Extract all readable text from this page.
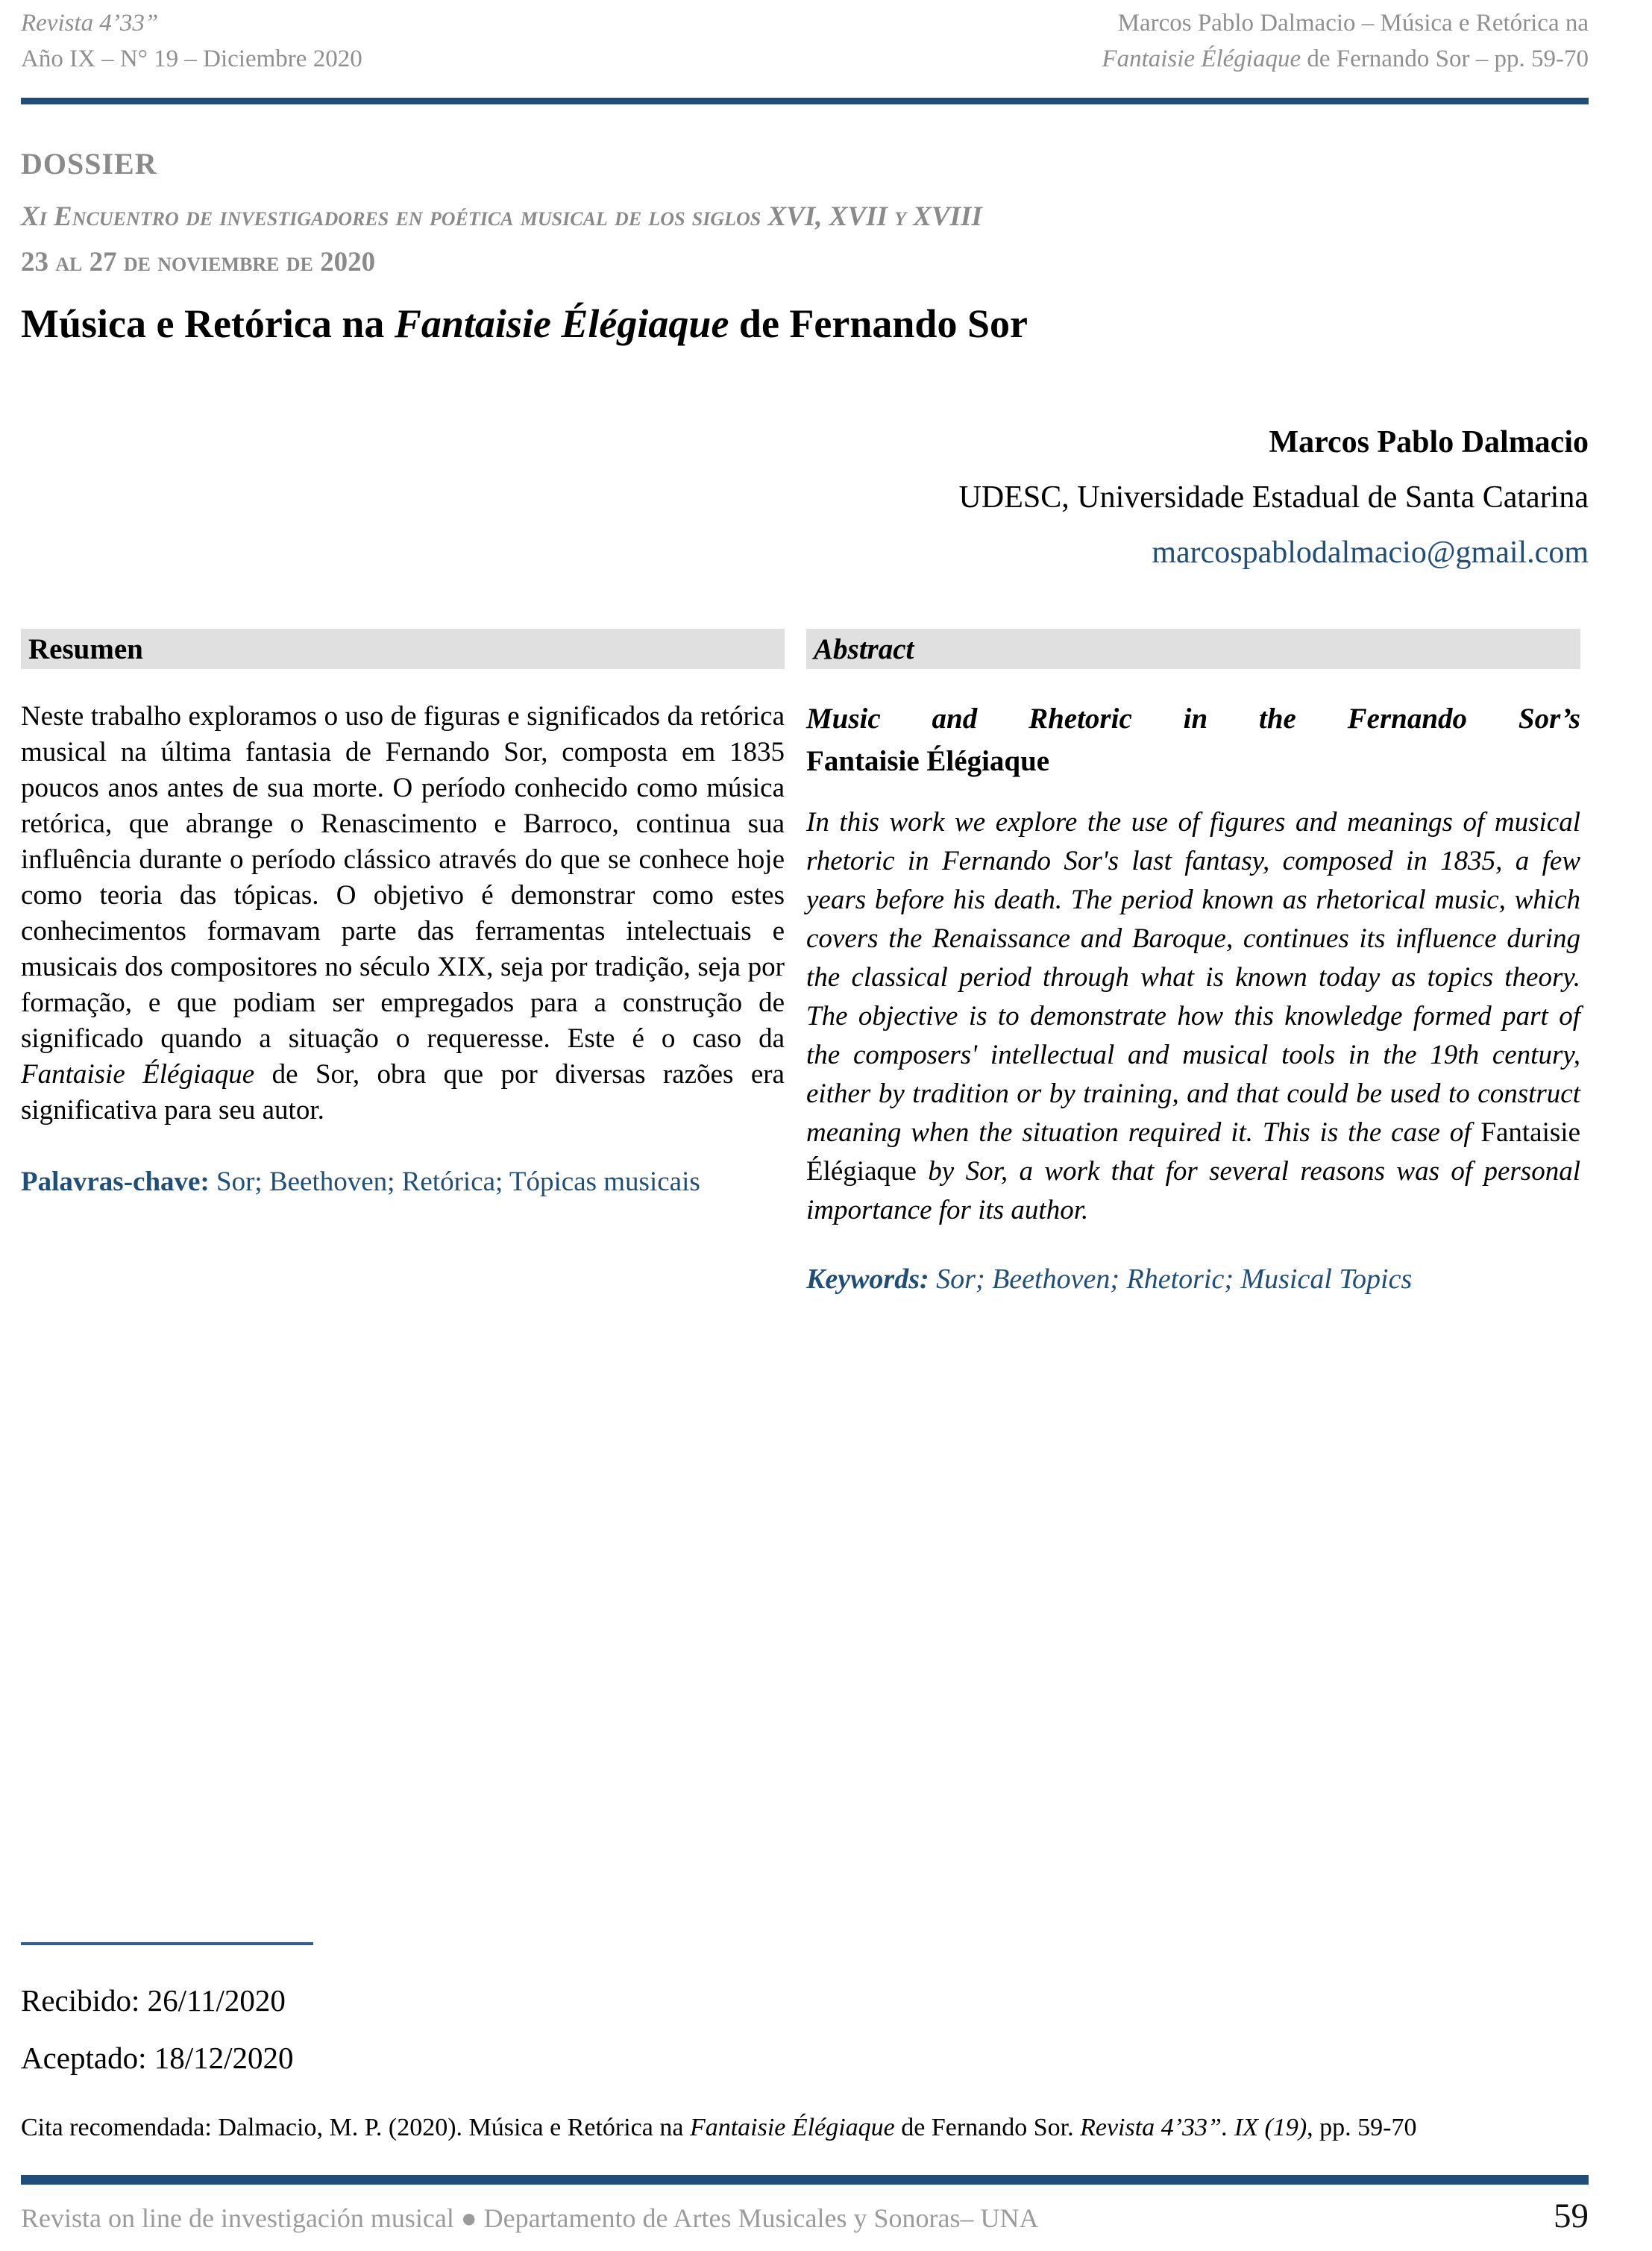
Revista 4’33”
Año IX – N° 19 – Diciembre 2020
Marcos Pablo Dalmacio – Música e Retórica na
Fantaisie Élégiaque de Fernando Sor – pp. 59-70
DOSSIER
Xi Encuentro de investigadores en poética musical de los siglos XVI, XVII y XVIII
23 al 27 de noviembre de 2020
Música e Retórica na Fantaisie Élégiaque de Fernando Sor
Marcos Pablo Dalmacio
UDESC, Universidade Estadual de Santa Catarina
marcospablodalmacio@gmail.com
Resumen

Neste trabalho exploramos o uso de figuras e significados da retórica musical na última fantasia de Fernando Sor, composta em 1835 poucos anos antes de sua morte. O período conhecido como música retórica, que abrange o Renascimento e Barroco, continua sua influência durante o período clássico através do que se conhece hoje como teoria das tópicas. O objetivo é demonstrar como estes conhecimentos formavam parte das ferramentas intelectuais e musicais dos compositores no século XIX, seja por tradição, seja por formação, e que podiam ser empregados para a construção de significado quando a situação o requeresse. Este é o caso da Fantaisie Élégiaque de Sor, obra que por diversas razões era significativa para seu autor.

Palavras-chave: Sor; Beethoven; Retórica; Tópicas musicais

Abstract
Music and Rhetoric in the Fernando Sor’s
Fantaisie Élégiaque

In this work we explore the use of figures and meanings of musical rhetoric in Fernando Sor's last fantasy, composed in 1835, a few years before his death. The period known as rhetorical music, which covers the Renaissance and Baroque, continues its influence during the classical period through what is known today as topics theory. The objective is to demonstrate how this knowledge formed part of the composers' intellectual and musical tools in the 19th century, either by tradition or by training, and that could be used to construct meaning when the situation required it. This is the case of Fantaisie Élégiaque by Sor, a work that for several reasons was of personal importance for its author.

Keywords: Sor; Beethoven; Rhetoric; Musical Topics

Recibido: 26/11/2020
Aceptado: 18/12/2020
Cita recomendada: Dalmacio, M. P. (2020). Música e Retórica na Fantaisie Élégiaque de Fernando Sor. Revista 4’33”. IX (19), pp. 59-70
Revista on line de investigación musical ● Departamento de Artes Musicales y Sonoras– UNA	59
